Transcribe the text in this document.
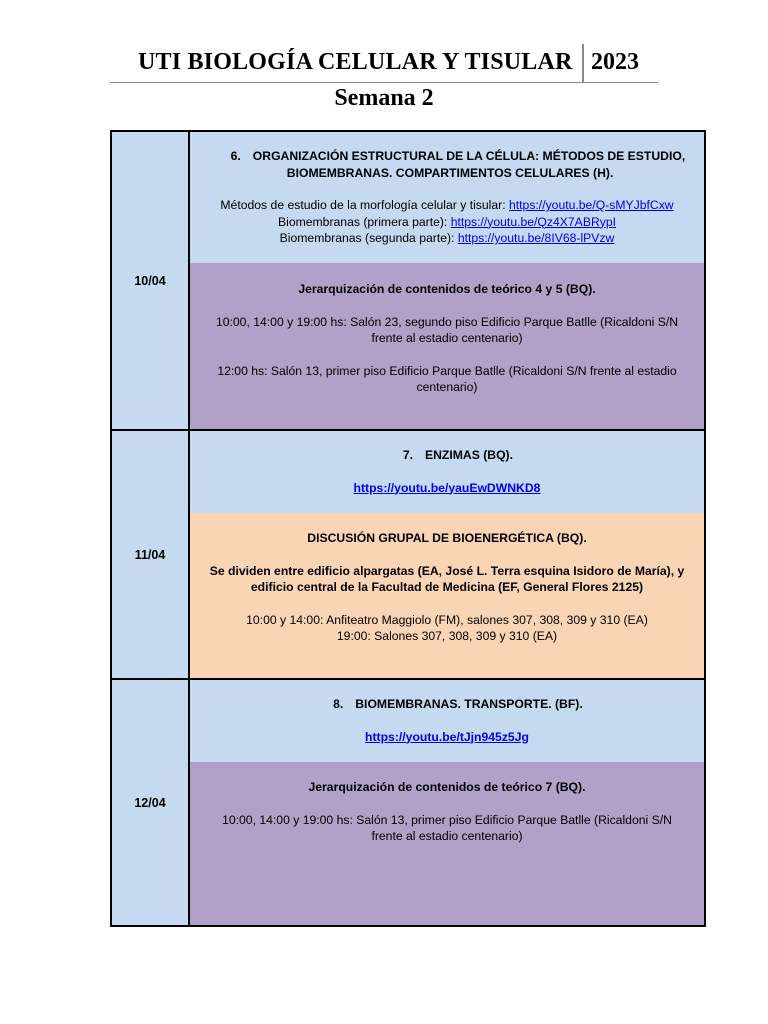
UTI BIOLOGÍA CELULAR Y TISULAR 2023
Semana 2
10/04
6. ORGANIZACIÓN ESTRUCTURAL DE LA CÉLULA: MÉTODOS DE ESTUDIO,
BIOMEMBRANAS. COMPARTIMENTOS CELULARES (H).

Métodos de estudio de la morfología celular y tisular: https://youtu.be/Q-sMYJbfCxw

Biomembranas (primera parte): https://youtu.be/Qz4X7ABRypI

Biomembranas (segunda parte): https://youtu.be/8IV68-lPVzw

Jerarquización de contenidos de teórico 4 y 5 (BQ).

10:00, 14:00 y 19:00 hs: Salón 23, segundo piso Edificio Parque Batlle (Ricaldoni S/N

frente al estadio centenario)

12:00 hs: Salón 13, primer piso Edificio Parque Batlle (Ricaldoni S/N frente al estadio

centenario)

11/04
7. ENZIMAS (BQ).

https://youtu.be/yauEwDWNKD8

DISCUSIÓN GRUPAL DE BIOENERGÉTICA (BQ).

Se dividen entre edificio alpargatas (EA, José L. Terra esquina Isidoro de María), y

edificio central de la Facultad de Medicina (EF, General Flores 2125)

10:00 y 14:00: Anfiteatro Maggiolo (FM), salones 307, 308, 309 y 310 (EA)

19:00: Salones 307, 308, 309 y 310 (EA)

12/04
8. BIOMEMBRANAS. TRANSPORTE. (BF).

https://youtu.be/tJjn945z5Jg

Jerarquización de contenidos de teórico 7 (BQ).

10:00, 14:00 y 19:00 hs: Salón 13, primer piso Edificio Parque Batlle (Ricaldoni S/N

frente al estadio centenario)
